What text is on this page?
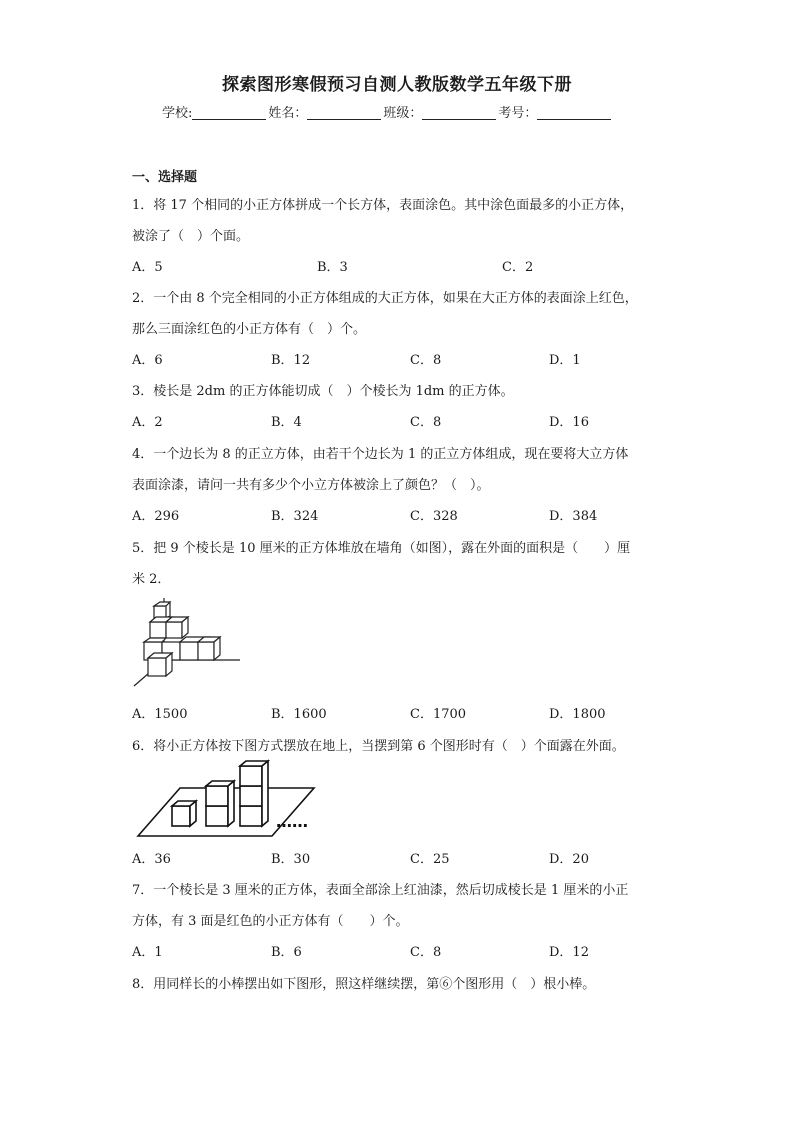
探索图形寒假预习自测人教版数学五年级下册
学校:	姓名：	班级：	考号：
一、选择题
1．将 17 个相同的小正方体拼成一个长方体，表面涂色。其中涂色面最多的小正方体，
被涂了（　）个面。
A．5	B．3	C．2
2．一个由 8 个完全相同的小正方体组成的大正方体，如果在大正方体的表面涂上红色，
那么三面涂红色的小正方体有（　）个。
A．6	B．12	C．8	D．1
3．棱长是 2dm 的正方体能切成（　）个棱长为 1dm 的正方体。
A．2	B．4	C．8	D．16
4．一个边长为 8 的正立方体，由若干个边长为 1 的正立方体组成，现在要将大立方体
表面涂漆，请问一共有多少个小立方体被涂上了颜色？（　）。
A．296	B．324	C．328	D．384
5．把 9 个棱长是 10 厘米的正方体堆放在墙角（如图），露在外面的面积是（　　）厘
米 2．
A．1500	B．1600	C．1700	D．1800
6．将小正方体按下图方式摆放在地上，当摆到第 6 个图形时有（　）个面露在外面。
……
A．36	B．30	C．25	D．20
7．一个棱长是 3 厘米的正方体，表面全部涂上红油漆，然后切成棱长是 1 厘米的小正
方体，有 3 面是红色的小正方体有（　　）个。
A．1	B．6	C．8	D．12
8．用同样长的小棒摆出如下图形，照这样继续摆，第⑥个图形用（　）根小棒。
